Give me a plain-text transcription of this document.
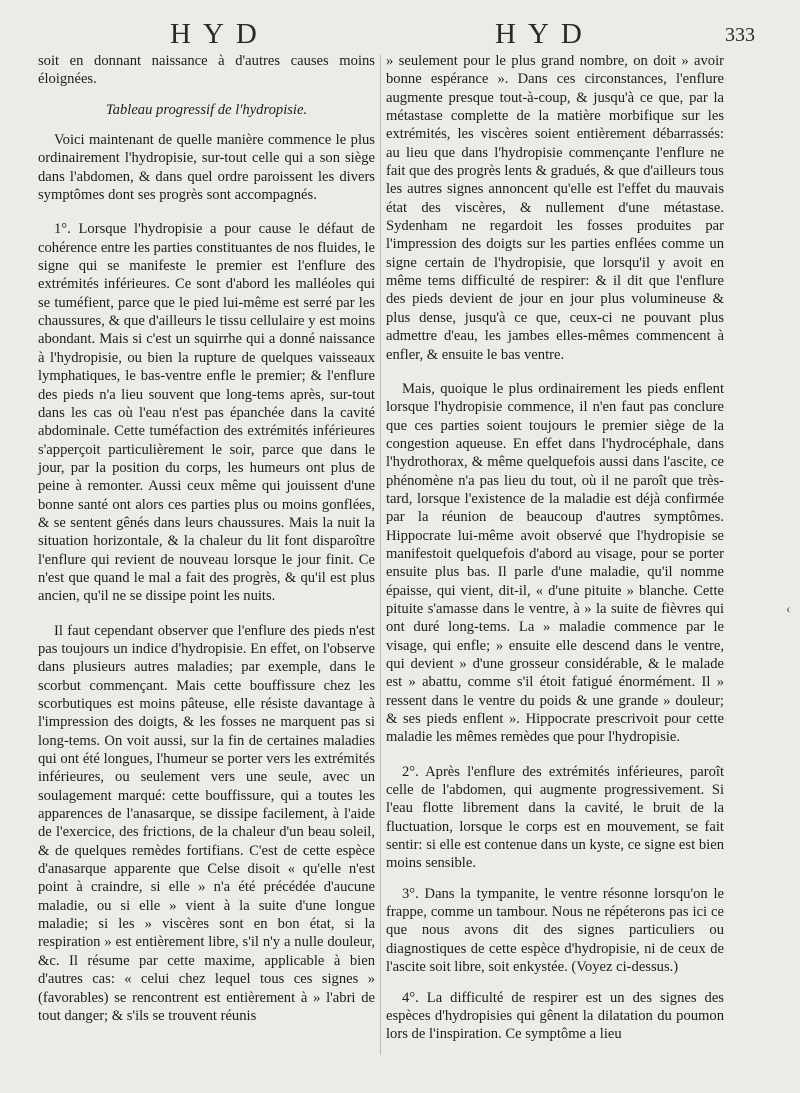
HYD	HYD	333

soit en donnant naissance à d'autres causes moins éloignées.

Tableau progressif de l'hydropisie.

Voici maintenant de quelle manière commence le plus ordinairement l'hydropisie, sur-tout celle qui a son siège dans l'abdomen, & dans quel ordre paroissent les divers symptômes dont ses progrès sont accompagnés.

1°. Lorsque l'hydropisie a pour cause le défaut de cohérence entre les parties constituantes de nos fluides, le signe qui se manifeste le premier est l'enflure des extrémités inférieures. Ce sont d'abord les malléoles qui se tuméfient, parce que le pied lui-même est serré par les chaussures, & que d'ailleurs le tissu cellulaire y est moins abondant. Mais si c'est un squirrhe qui a donné naissance à l'hydropisie, ou bien la rupture de quelques vaisseaux lymphatiques, le bas-ventre enfle le premier; & l'enflure des pieds n'a lieu souvent que long-tems après, sur-tout dans les cas où l'eau n'est pas épanchée dans la cavité abdominale. Cette tuméfaction des extrémités inférieures s'apperçoit particulièrement le soir, parce que dans le jour, par la position du corps, les humeurs ont plus de peine à remonter. Aussi ceux même qui jouissent d'une bonne santé ont alors ces parties plus ou moins gonflées, & se sentent gênés dans leurs chaussures. Mais la nuit la situation horizontale, & la chaleur du lit font disparoître l'enflure qui revient de nouveau lorsque le jour finit. Ce n'est que quand le mal a fait des progrès, & qu'il est plus ancien, qu'il ne se dissipe point les nuits.

Il faut cependant observer que l'enflure des pieds n'est pas toujours un indice d'hydropisie. En effet, on l'observe dans plusieurs autres maladies; par exemple, dans le scorbut commençant. Mais cette bouffissure chez les scorbutiques est moins pâteuse, elle résiste davantage à l'impression des doigts, & les fosses ne marquent pas si long-tems. On voit aussi, sur la fin de certaines maladies qui ont été longues, l'humeur se porter vers les extrémités inférieures, ou seulement vers une seule, avec un soulagement marqué: cette bouffissure, qui a toutes les apparences de l'anasarque, se dissipe facilement, à l'aide de l'exercice, des frictions, de la chaleur d'un beau soleil, & de quelques remèdes fortifians. C'est de cette espèce d'anasarque apparente que Celse disoit « qu'elle n'est point à craindre, si elle » n'a été précédée d'aucune maladie, ou si elle » vient à la suite d'une longue maladie; si les » viscères sont en bon état, si la respiration » est entièrement libre, s'il n'y a nulle douleur, &c. Il résume par cette maxime, applicable à bien d'autres cas: « celui chez lequel tous ces signes » (favorables) se rencontrent est entièrement à » l'abri de tout danger; & s'ils se trouvent réunis

» seulement pour le plus grand nombre, on doit » avoir bonne espérance ». Dans ces circonstances, l'enflure augmente presque tout-à-coup, & jusqu'à ce que, par la métastase complette de la matière morbifique sur les extrémités, les viscères soient entièrement débarrassés: au lieu que dans l'hydropisie commençante l'enflure ne fait que des progrès lents & gradués, & que d'ailleurs tous les autres signes annoncent qu'elle est l'effet du mauvais état des viscères, & nullement d'une métastase. Sydenham ne regardoit les fosses produites par l'impression des doigts sur les parties enflées comme un signe certain de l'hydropisie, que lorsqu'il y avoit en même tems difficulté de respirer: & il dit que l'enflure des pieds devient de jour en jour plus volumineuse & plus dense, jusqu'à ce que, ceux-ci ne pouvant plus admettre d'eau, les jambes elles-mêmes commencent à enfler, & ensuite le bas ventre.

Mais, quoique le plus ordinairement les pieds enflent lorsque l'hydropisie commence, il n'en faut pas conclure que ces parties soient toujours le premier siège de la congestion aqueuse. En effet dans l'hydrocéphale, dans l'hydrothorax, & même quelquefois aussi dans l'ascite, ce phénomène n'a pas lieu du tout, où il ne paroît que très-tard, lorsque l'existence de la maladie est déjà confirmée par la réunion de beaucoup d'autres symptômes. Hippocrate lui-même avoit observé que l'hydropisie se manifestoit quelquefois d'abord au visage, pour se porter ensuite plus bas. Il parle d'une maladie, qu'il nomme épaisse, qui vient, dit-il, « d'une pituite » blanche. Cette pituite s'amasse dans le ventre, à » la suite de fièvres qui ont duré long-tems. La » maladie commence par le visage, qui enfle; » ensuite elle descend dans le ventre, qui devient » d'une grosseur considérable, & le malade est » abattu, comme s'il étoit fatigué énormément. Il » ressent dans le ventre du poids & une grande » douleur; & ses pieds enflent ». Hippocrate prescrivoit pour cette maladie les mêmes remèdes que pour l'hydropisie.

2°. Après l'enflure des extrémités inférieures, paroît celle de l'abdomen, qui augmente progressivement. Si l'eau flotte librement dans la cavité, le bruit de la fluctuation, lorsque le corps est en mouvement, se fait sentir: si elle est contenue dans un kyste, ce signe est bien moins sensible.

3°. Dans la tympanite, le ventre résonne lorsqu'on le frappe, comme un tambour. Nous ne répéterons pas ici ce que nous avons dit des signes particuliers ou diagnostiques de cette espèce d'hydropisie, ni de ceux de l'ascite soit libre, soit enkystée. (Voyez ci-dessus.)

4°. La difficulté de respirer est un des signes des espèces d'hydropisies qui gênent la dilatation du poumon lors de l'inspiration. Ce symptôme a lieu

‹
